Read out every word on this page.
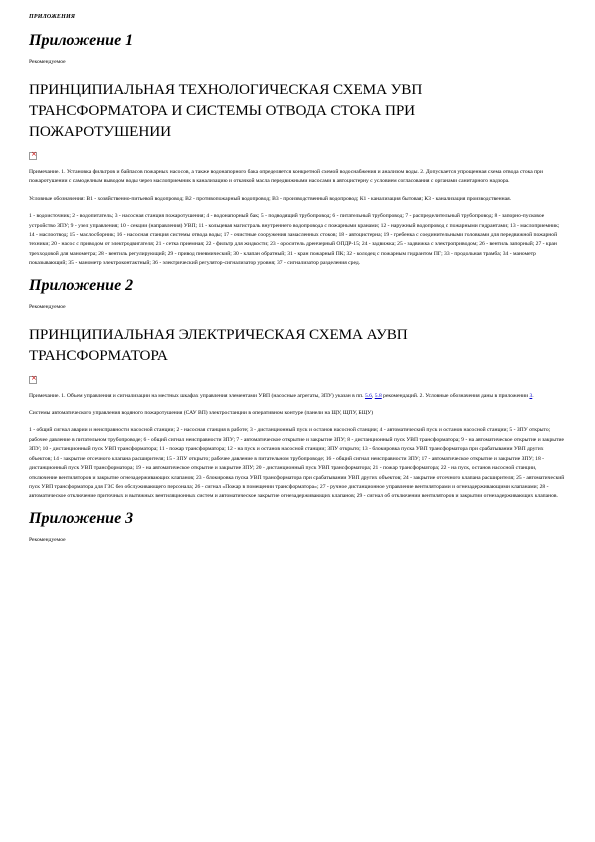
ПРИЛОЖЕНИЯ
Приложение 1
Рекомендуемое
ПРИНЦИПИАЛЬНАЯ ТЕХНОЛОГИЧЕСКАЯ СХЕМА УВП
ТРАНСФОРМАТОРА И СИСТЕМЫ ОТВОДА СТОКА ПРИ
ПОЖАРОТУШЕНИИ
×

Примечание. 1. Установка фильтров и байпасов пожарных насосов, а также водонапорного бака определяется конкретной схемой водоснабжения и анализом воды. 2. Допускается упрощенная схема отвода стока при пожаротушении с самоделным выводом воды через маслоприемник в канализацию и откачкой масла передвижными насосами в автоцистерну с условием согласования с органами санитарного надзора.

Условные обозначения: В1 - хозяйственно-питьевой водопровод; В2 - противопожарный водопровод; В3 - производственный водопровод; К1 - канализация бытовая; К3 - канализация производственная.

1 - водоисточник; 2 - водопитатель; 3 - насосная станция пожаротушения; 4 - водонапорный бак; 5 - подводящий трубопровод; 6 - питательный трубопровод; 7 - распределительный трубопровод; 8 - запорно-пусковое устройство ЗПУ; 9 - узел управления; 10 - секции (направления) УВП; 11 - кольцевая магистраль внутреннего водопровода с пожарными кранами; 12 - наружный водопровод с пожарными гидрантами; 13 - маслоприемник; 14 - маслоотвод; 15 - маслосборник; 16 - насосная станция системы отвода воды; 17 - очистные сооружения замасленных стоков; 18 - автоцистерна; 19 - гребенка с соединительными головками для передвижной пожарной техники; 20 - насос с приводом от электродвигателя; 21 - сетка приемная; 22 - фильтр для жидкости; 23 - ороситель дренчерный ОПДР-15; 24 - задвижка; 25 - задвижка с электроприводом; 26 - вентиль запорный; 27 - кран трехходовой для манометра; 28 - вентиль регулирующий; 29 - привод пневмический; 30 - клапан обратный; 31 - кран пожарный ПК; 32 - колодец с пожарным гидрантом ПГ; 33 - продольная трамба; 34 - манометр показывающий; 35 - манометр электроконтактный; 36 - электрический регулятор-сигнализатор уровня; 37 - сигнализатор разделения сред.

Приложение 2
Рекомендуемое
ПРИНЦИПИАЛЬНАЯ ЭЛЕКТРИЧЕСКАЯ СХЕМА АУВП
ТРАНСФОРМАТОРА
×

Примечание. 1. Объем управления и сигнализации на местных шкафах управления элементами УВП (насосные агрегаты, ЗПУ) указан в пп. 5.6, 5.8 рекомендаций. 2. Условные обозначения даны в приложении 3.

Системы автоматического управления водяного пожаротушения (САУ ВП) электростанции в оперативном контуре (панели на ЩУ, ЩПУ, БЩУ)

1 - общий сигнал аварии и неисправности насосной станции; 2 - насосная станция в работе; 3 - дистанционный пуск и останов насосной станции; 4 - автоматический пуск и останов насосной станции; 5 - ЗПУ открыто; рабочее давление в питательном трубопроводе; 6 - общий сигнал неисправности ЗПУ; 7 - автоматическое открытие и закрытие ЗПУ; 8 - дистанционный пуск УВП трансформатора; 9 - на автоматическое открытие и закрытие ЗПУ; 10 - дистанционный пуск УВП трансформатора; 11 - пожар трансформатора; 12 - на пуск и останов насосной станции; ЗПУ открыто; 13 - блокировка пуска УВП трансформатора при срабатывании УВП других объектов; 14 - закрытие отсечного клапана расширителя; 15 - ЗПУ открыто; рабочее давление в питательном трубопроводе; 16 - общий сигнал неисправности ЗПУ; 17 - автоматическое открытие и закрытие ЗПУ; 18 - дистанционный пуск УВП трансформатора; 19 - на автоматическое открытие и закрытие ЗПУ; 20 - дистанционный пуск УВП трансформатора; 21 - пожар трансформатора; 22 - на пуск, останов насосной станции, отключение вентиляторов и закрытие огнезадерживающих клапанов; 23 - блокировка пуска УВП трансформатора при срабатывании УВП других объектов; 24 - закрытие отсечного клапана расширителя; 25 - автоматический пуск УВП трансформатора для ГЗС без обслуживающего персонала; 26 - сигнал «Пожар в помещении трансформатора»; 27 - ручное дистанционное управление вентиляторами и огнезадерживающими клапанами; 28 - автоматическое отключение приточных и вытяжных вентиляционных систем и автоматическое закрытие огнезадерживающих клапанов; 29 - сигнал об отключении вентиляторов и закрытии огнезадерживающих клапанов.

Приложение 3
Рекомендуемое
